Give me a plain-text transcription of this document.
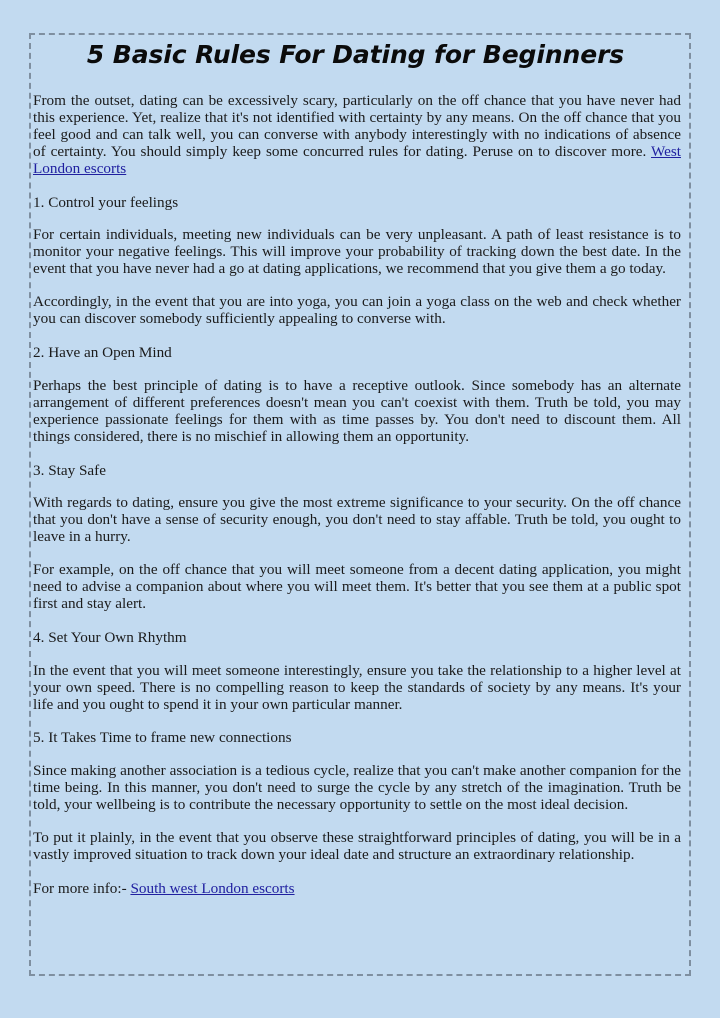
5 Basic Rules For Dating for Beginners

From the outset, dating can be excessively scary, particularly on the off chance that you have never had this experience. Yet, realize that it's not identified with certainty by any means. On the off chance that you feel good and can talk well, you can converse with anybody interestingly with no indications of absence of certainty. You should simply keep some concurred rules for dating. Peruse on to discover more. West London escorts

1. Control your feelings

For certain individuals, meeting new individuals can be very unpleasant. A path of least resistance is to monitor your negative feelings. This will improve your probability of tracking down the best date. In the event that you have never had a go at dating applications, we recommend that you give them a go today.

Accordingly, in the event that you are into yoga, you can join a yoga class on the web and check whether you can discover somebody sufficiently appealing to converse with.

2. Have an Open Mind

Perhaps the best principle of dating is to have a receptive outlook. Since somebody has an alternate arrangement of different preferences doesn't mean you can't coexist with them. Truth be told, you may experience passionate feelings for them with as time passes by. You don't need to discount them. All things considered, there is no mischief in allowing them an opportunity.

3. Stay Safe

With regards to dating, ensure you give the most extreme significance to your security. On the off chance that you don't have a sense of security enough, you don't need to stay affable. Truth be told, you ought to leave in a hurry.

For example, on the off chance that you will meet someone from a decent dating application, you might need to advise a companion about where you will meet them. It's better that you see them at a public spot first and stay alert.

4. Set Your Own Rhythm

In the event that you will meet someone interestingly, ensure you take the relationship to a higher level at your own speed. There is no compelling reason to keep the standards of society by any means. It's your life and you ought to spend it in your own particular manner.

5. It Takes Time to frame new connections

Since making another association is a tedious cycle, realize that you can't make another companion for the time being. In this manner, you don't need to surge the cycle by any stretch of the imagination. Truth be told, your wellbeing is to contribute the necessary opportunity to settle on the most ideal decision.

To put it plainly, in the event that you observe these straightforward principles of dating, you will be in a vastly improved situation to track down your ideal date and structure an extraordinary relationship.

For more info:- South west London escorts
